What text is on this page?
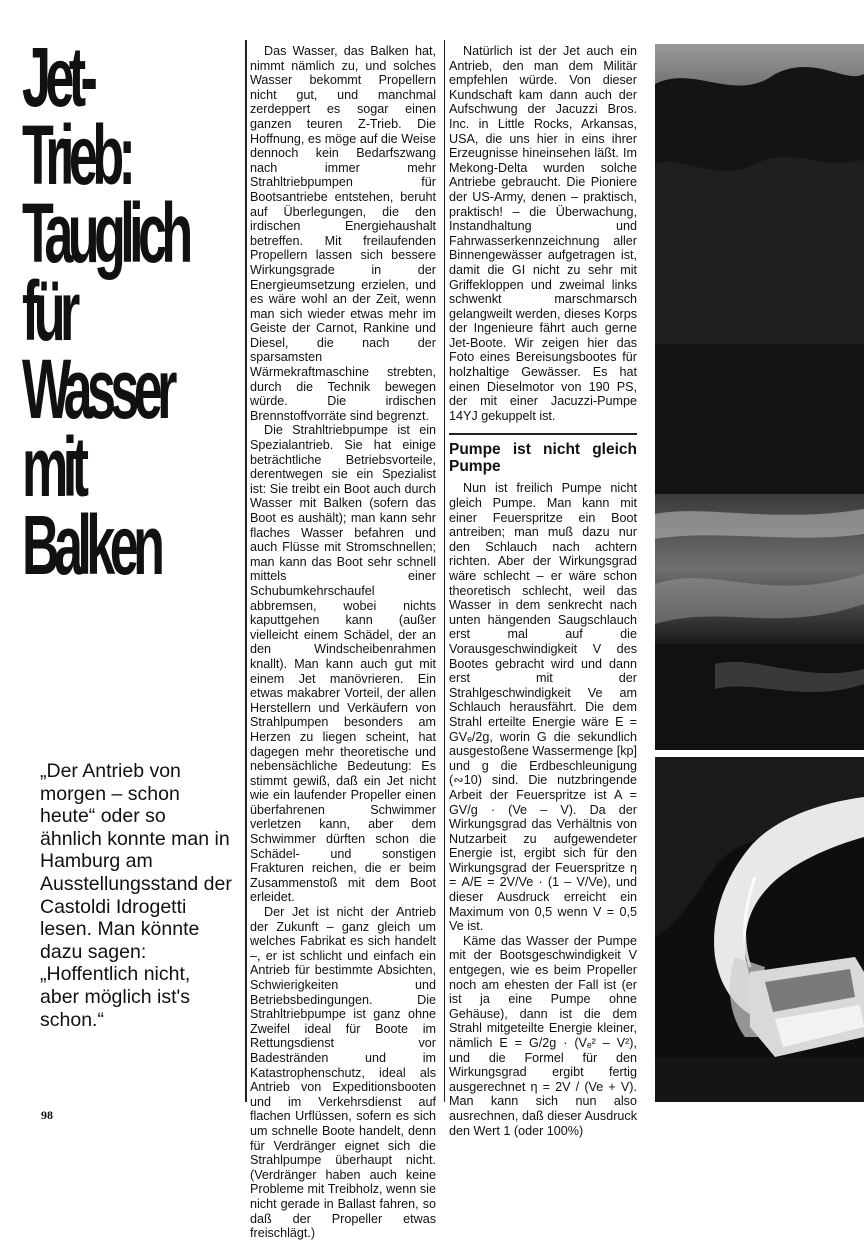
Jet-
Trieb:
Tauglich
für
Wasser
mit
Balken
„Der Antrieb von morgen – schon heute“ oder so ähnlich konnte man in Hamburg am Ausstellungsstand der Castoldi Idrogetti lesen. Man könnte dazu sagen: „Hoffentlich nicht, aber möglich ist's schon.“
98

Das Wasser, das Balken hat, nimmt nämlich zu, und solches Wasser bekommt Propellern nicht gut, und manchmal zerdeppert es sogar einen ganzen teuren Z-Trieb. Die Hoffnung, es möge auf die Weise dennoch kein Bedarfszwang nach immer mehr Strahltriebpumpen für Bootsantriebe entstehen, beruht auf Überlegungen, die den irdischen Energiehaushalt betreffen. Mit freilaufenden Propellern lassen sich bessere Wirkungsgrade in der Energieumsetzung erzielen, und es wäre wohl an der Zeit, wenn man sich wieder etwas mehr im Geiste der Carnot, Rankine und Diesel, die nach der sparsamsten Wärmekraftmaschine strebten, durch die Technik bewegen würde. Die irdischen Brennstoffvorräte sind begrenzt.

Die Strahltriebpumpe ist ein Spezialantrieb. Sie hat einige beträchtliche Betriebsvorteile, derentwegen sie ein Spezialist ist: Sie treibt ein Boot auch durch Wasser mit Balken (sofern das Boot es aushält); man kann sehr flaches Wasser befahren und auch Flüsse mit Stromschnellen; man kann das Boot sehr schnell mittels einer Schubumkehrschaufel abbremsen, wobei nichts kaputtgehen kann (außer vielleicht einem Schädel, der an den Windscheibenrahmen knallt). Man kann auch gut mit einem Jet manövrieren. Ein etwas makabrer Vorteil, der allen Herstellern und Verkäufern von Strahlpumpen besonders am Herzen zu liegen scheint, hat dagegen mehr theoretische und nebensächliche Bedeutung: Es stimmt gewiß, daß ein Jet nicht wie ein laufender Propeller einen überfahrenen Schwimmer verletzen kann, aber dem Schwimmer dürften schon die Schädel- und sonstigen Frakturen reichen, die er beim Zusammenstoß mit dem Boot erleidet.

Der Jet ist nicht der Antrieb der Zukunft – ganz gleich um welches Fabrikat es sich handelt –, er ist schlicht und einfach ein Antrieb für bestimmte Absichten, Schwierigkeiten und Betriebsbedingungen. Die Strahltriebpumpe ist ganz ohne Zweifel ideal für Boote im Rettungsdienst vor Badestränden und im Katastrophenschutz, ideal als Antrieb von Expeditionsbooten und im Verkehrsdienst auf flachen Urflüssen, sofern es sich um schnelle Boote handelt, denn für Verdränger eignet sich die Strahlpumpe überhaupt nicht. (Verdränger haben auch keine Probleme mit Treibholz, wenn sie nicht gerade in Ballast fahren, so daß der Propeller etwas freischlägt.)

Natürlich ist der Jet auch ein Antrieb, den man dem Militär empfehlen würde. Von dieser Kundschaft kam dann auch der Aufschwung der Jacuzzi Bros. Inc. in Little Rocks, Arkansas, USA, die uns hier in eins ihrer Erzeugnisse hineinsehen läßt. Im Mekong-Delta wurden solche Antriebe gebraucht. Die Pioniere der US-Army, denen – praktisch, praktisch! – die Überwachung, Instandhaltung und Fahrwasserkennzeichnung aller Binnengewässer aufgetragen ist, damit die GI nicht zu sehr mit Griffekloppen und zweimal links schwenkt marschmarsch gelangweilt werden, dieses Korps der Ingenieure fährt auch gerne Jet-Boote. Wir zeigen hier das Foto eines Bereisungsbootes für holzhaltige Gewässer. Es hat einen Dieselmotor von 190 PS, der mit einer Jacuzzi-Pumpe 14YJ gekuppelt ist.

Pumpe ist nicht gleich Pumpe

Nun ist freilich Pumpe nicht gleich Pumpe. Man kann mit einer Feuerspritze ein Boot antreiben; man muß dazu nur den Schlauch nach achtern richten. Aber der Wirkungsgrad wäre schlecht – er wäre schon theoretisch schlecht, weil das Wasser in dem senkrecht nach unten hängenden Saugschlauch erst mal auf die Vorausgeschwindigkeit V des Bootes gebracht wird und dann erst mit der Strahlgeschwindigkeit Ve am Schlauch herausfährt. Die dem Strahl erteilte Energie wäre E = GVₑ/2g, worin G die sekundlich ausgestoßene Wassermenge [kp] und g die Erdbeschleunigung (∾10) sind. Die nutzbringende Arbeit der Feuerspritze ist A = GV/g · (Ve – V). Da der Wirkungsgrad das Verhältnis von Nutzarbeit zu aufgewendeter Energie ist, ergibt sich für den Wirkungsgrad der Feuerspritze η = A/E = 2V/Ve · (1 – V/Ve), und dieser Ausdruck erreicht ein Maximum von 0,5 wenn V = 0,5 Ve ist.

Käme das Wasser der Pumpe mit der Bootsgeschwindigkeit V entgegen, wie es beim Propeller noch am ehesten der Fall ist (er ist ja eine Pumpe ohne Gehäuse), dann ist die dem Strahl mitgeteilte Energie kleiner, nämlich E = G/2g · (Vₑ² – V²), und die Formel für den Wirkungsgrad ergibt fertig ausgerechnet η = 2V / (Ve + V). Man kann sich nun also ausrechnen, daß dieser Ausdruck den Wert 1 (oder 100%)
